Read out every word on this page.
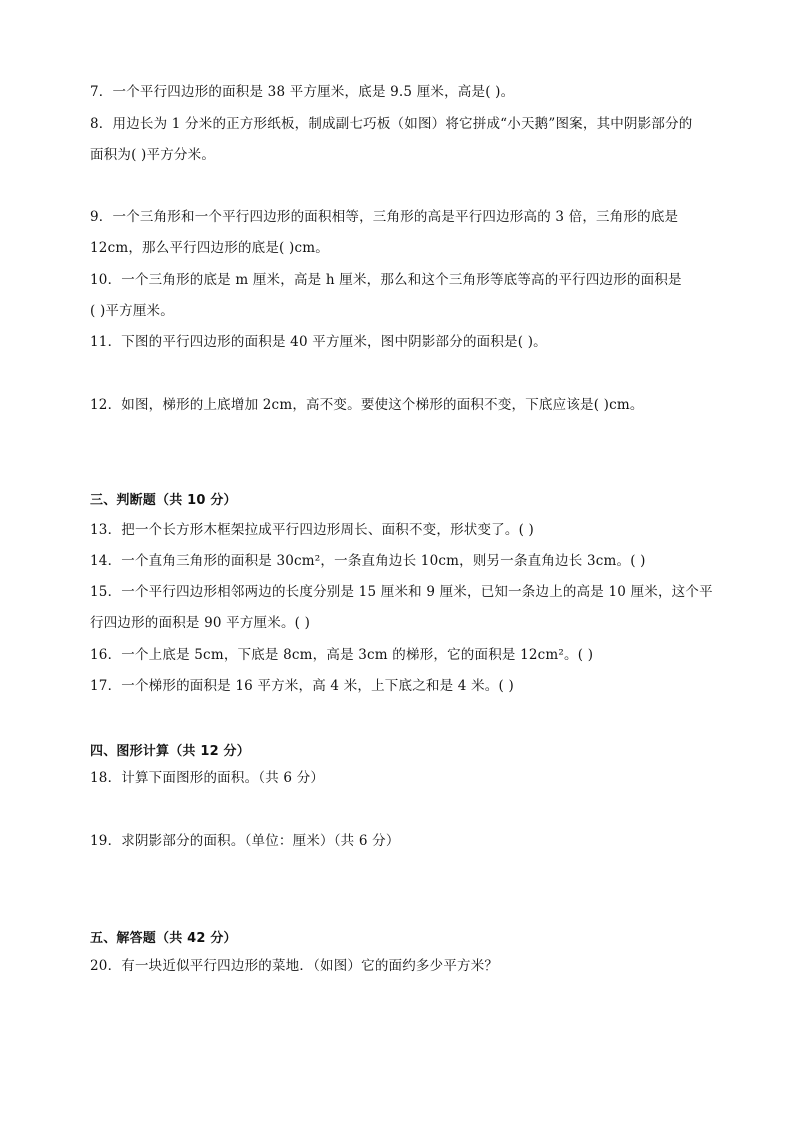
7．一个平行四边形的面积是 38 平方厘米，底是 9.5 厘米，高是( )。
8．用边长为 1 分米的正方形纸板，制成副七巧板（如图）将它拼成“小天鹅”图案，其中阴影部分的
面积为( )平方分米。
9．一个三角形和一个平行四边形的面积相等，三角形的高是平行四边形高的 3 倍，三角形的底是
12cm，那么平行四边形的底是( )cm。
10．一个三角形的底是 m 厘米，高是 h 厘米，那么和这个三角形等底等高的平行四边形的面积是
( )平方厘米。
11．下图的平行四边形的面积是 40 平方厘米，图中阴影部分的面积是( )。
12．如图，梯形的上底增加 2cm，高不变。要使这个梯形的面积不变，下底应该是( )cm。
三、判断题（共 10 分）
13．把一个长方形木框架拉成平行四边形周长、面积不变，形状变了。( )
14．一个直角三角形的面积是 30cm²，一条直角边长 10cm，则另一条直角边长 3cm。( )
15．一个平行四边形相邻两边的长度分别是 15 厘米和 9 厘米，已知一条边上的高是 10 厘米，这个平
行四边形的面积是 90 平方厘米。( )
16．一个上底是 5cm，下底是 8cm，高是 3cm 的梯形，它的面积是 12cm²。( )
17．一个梯形的面积是 16 平方米，高 4 米，上下底之和是 4 米。( )
四、图形计算（共 12 分）
18．计算下面图形的面积。（共 6 分）
19．求阴影部分的面积。（单位：厘米）（共 6 分）
五、解答题（共 42 分）
20．有一块近似平行四边形的菜地．（如图）它的面约多少平方米？
